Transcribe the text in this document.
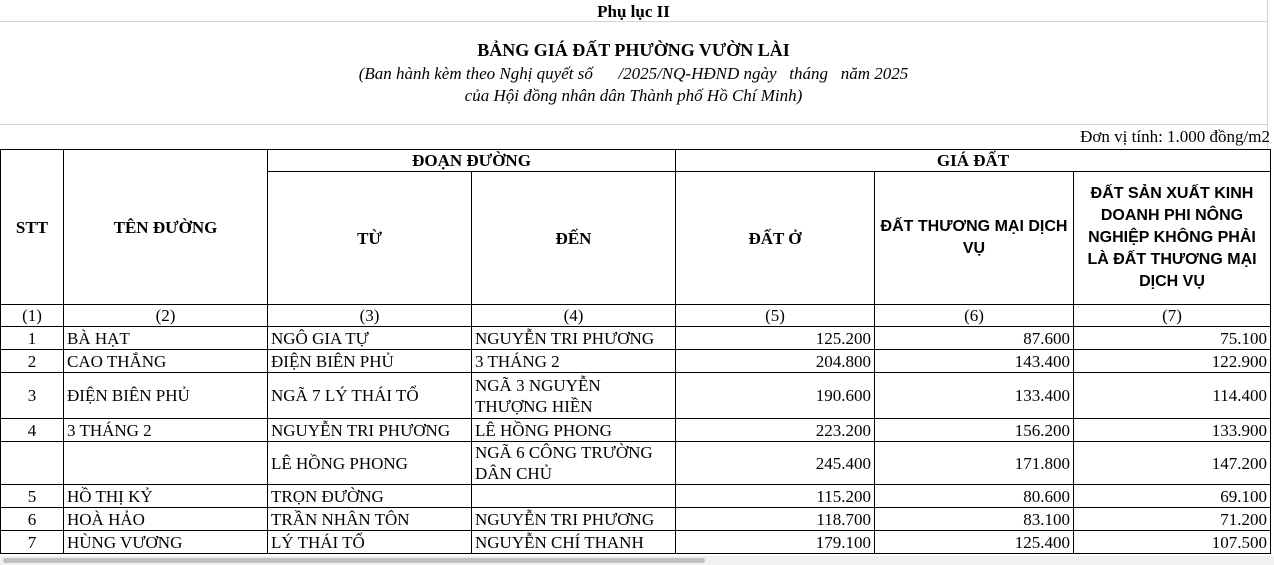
Phụ lục II
BẢNG GIÁ ĐẤT PHƯỜNG VƯỜN LÀI
(Ban hành kèm theo Nghị quyết số      /2025/NQ-HĐND ngày   tháng   năm 2025
của Hội đồng nhân dân Thành phố Hồ Chí Minh)
Đơn vị tính: 1.000 đồng/m2
STT	TÊN ĐƯỜNG	ĐOẠN ĐƯỜNG		GIÁ ĐẤT		
		TỪ	ĐẾN	ĐẤT Ở	ĐẤT THƯƠNG MẠI DỊCH VỤ	ĐẤT SẢN XUẤT KINH DOANH PHI NÔNG NGHIỆP KHÔNG PHẢI LÀ ĐẤT THƯƠNG MẠI DỊCH VỤ
(1)	(2)	(3)	(4)	(5)	(6)	(7)
1	BÀ HẠT	NGÔ GIA TỰ	NGUYỄN TRI PHƯƠNG	125.200	87.600	75.100
2	CAO THẮNG	ĐIỆN BIÊN PHỦ	3 THÁNG 2	204.800	143.400	122.900
3	ĐIỆN BIÊN PHỦ	NGÃ 7 LÝ THÁI TỔ	NGÃ 3 NGUYỄN THƯỢNG HIỀN	190.600	133.400	114.400
4	3 THÁNG 2	NGUYỄN TRI PHƯƠNG	LÊ HỒNG PHONG	223.200	156.200	133.900
		LÊ HỒNG PHONG	NGÃ 6 CÔNG TRƯỜNG DÂN CHỦ	245.400	171.800	147.200
5	HỒ THỊ KỶ	TRỌN ĐƯỜNG		115.200	80.600	69.100
6	HOÀ HẢO	TRẦN NHÂN TÔN	NGUYỄN TRI PHƯƠNG	118.700	83.100	71.200
7	HÙNG VƯƠNG	LÝ THÁI TỔ	NGUYỄN CHÍ THANH	179.100	125.400	107.500
